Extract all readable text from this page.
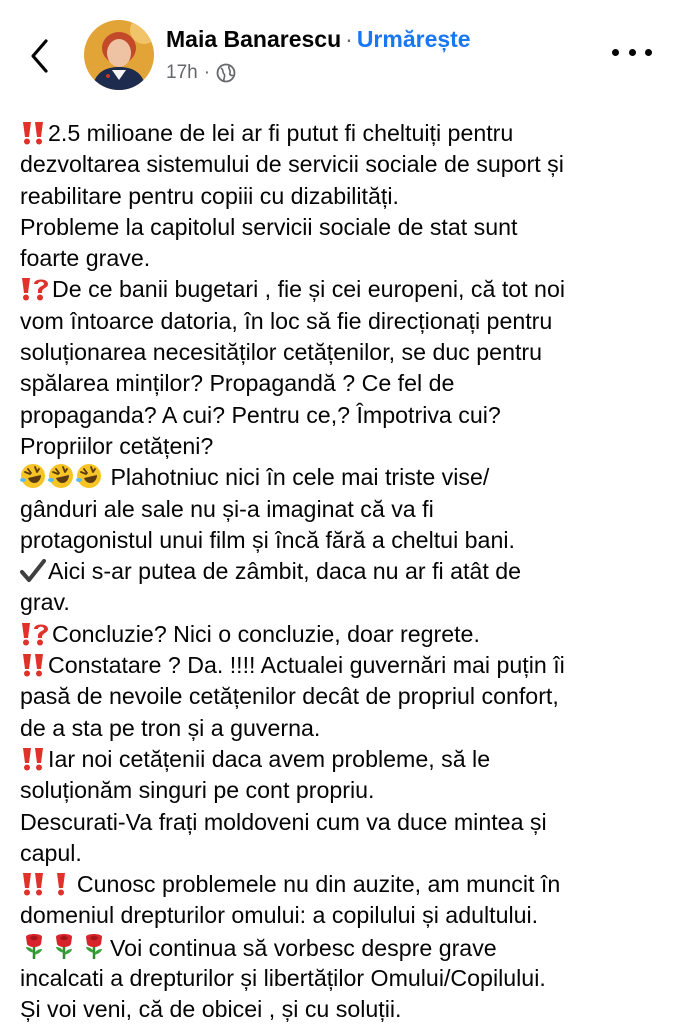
Maia Banarescu · Urmărește
17h ·
2.5 milioane de lei ar fi putut fi cheltuiți pentru
dezvoltarea sistemului de servicii sociale de suport și
reabilitare pentru copiii cu dizabilități.
Probleme la capitolul servicii sociale de stat sunt
foarte grave.
De ce banii bugetari , fie și cei europeni, că tot noi
vom întoarce datoria, în loc să fie direcționați pentru
soluționarea necesităților cetățenilor, se duc pentru
spălarea minților? Propagandă ? Ce fel de
propaganda? A cui? Pentru ce,? Împotriva cui?
Propriilor cetățeni?
Plahotniuc nici în cele mai triste vise/
gânduri ale sale nu și-a imaginat că va fi
protagonistul unui film și încă fără a cheltui bani.
Aici s-ar putea de zâmbit, daca nu ar fi atât de
grav.
Concluzie? Nici o concluzie, doar regrete.
Constatare ? Da. !!!! Actualei guvernări mai puțin îi
pasă de nevoile cetățenilor decât de propriul confort,
de a sta pe tron și a guverna.
Iar noi cetățenii daca avem probleme, să le
soluționăm singuri pe cont propriu.
Descurati-Va frați moldoveni cum va duce mintea și
capul.

Cunosc problemele nu din auzite, am muncit în
domeniul drepturilor omului: a copilului și adultului.
Voi continua să vorbesc despre grave
incalcati a drepturilor și libertăților Omului/Copilului.
Și voi veni, că de obicei , și cu soluții.
